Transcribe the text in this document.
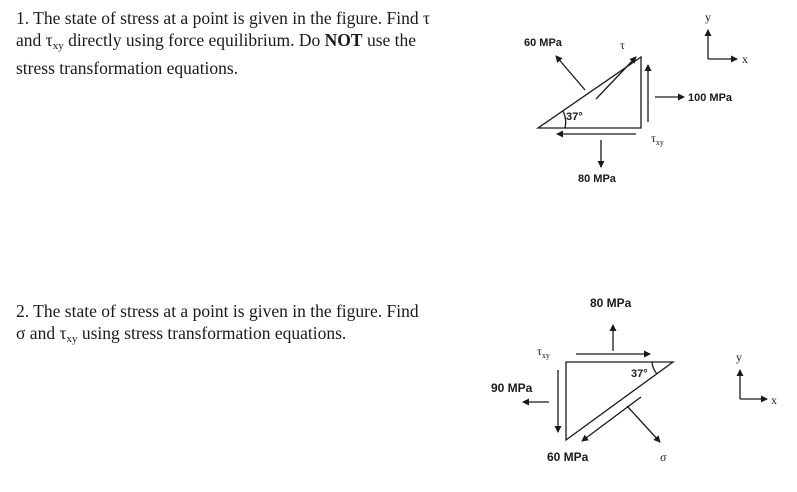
1. The state of stress at a point is given in the figure. Find τ
and $\tau_{xy}$ directly using force equilibrium. Do NOT use the
stress transformation equations.
2. The state of stress at a point is given in the figure. Find
σ and $\tau_{xy}$ using stress transformation equations.
60 MPa	τ
100 MPa
37°
$\tau_{xy}$
80 MPa
y
x
80 MPa
$\tau_{xy}$
37°
90 MPa
60 MPa	σ
y
x
